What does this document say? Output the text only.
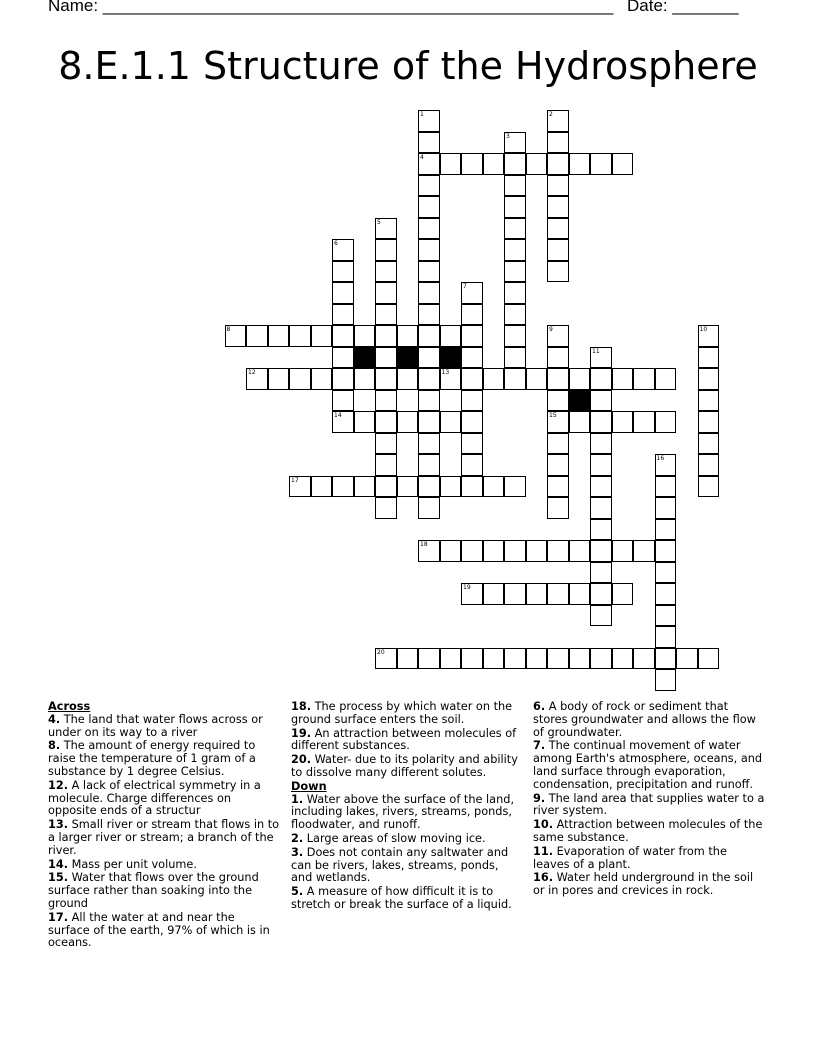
Name: ______________________________________________________ Date: _______
8.E.1.1 Structure of the Hydrosphere
1
4
2
3
5
6
7
8	9
15
10
11
12	13
14
16
17
18
19
20
Across
4. The land that water flows across or under on its way to a river
8. The amount of energy required to raise the temperature of 1 gram of a substance by 1 degree Celsius.
12. A lack of electrical symmetry in a molecule. Charge differences on opposite ends of a structur
13. Small river or stream that flows in to a larger river or stream; a branch of the river.
14. Mass per unit volume.
15. Water that flows over the ground surface rather than soaking into the ground
17. All the water at and near the surface of the earth, 97% of which is in oceans.
18. The process by which water on the ground surface enters the soil.
19. An attraction between molecules of different substances.
20. Water- due to its polarity and ability to dissolve many different solutes.
Down
1. Water above the surface of the land, including lakes, rivers, streams, ponds, floodwater, and runoff.
2. Large areas of slow moving ice.
3. Does not contain any saltwater and can be rivers, lakes, streams, ponds, and wetlands.
5. A measure of how difficult it is to stretch or break the surface of a liquid.
6. A body of rock or sediment that stores groundwater and allows the flow of groundwater.
7. The continual movement of water among Earth's atmosphere, oceans, and land surface through evaporation, condensation, precipitation and runoff.
9. The land area that supplies water to a river system.
10. Attraction between molecules of the same substance.
11. Evaporation of water from the leaves of a plant.
16. Water held underground in the soil or in pores and crevices in rock.
